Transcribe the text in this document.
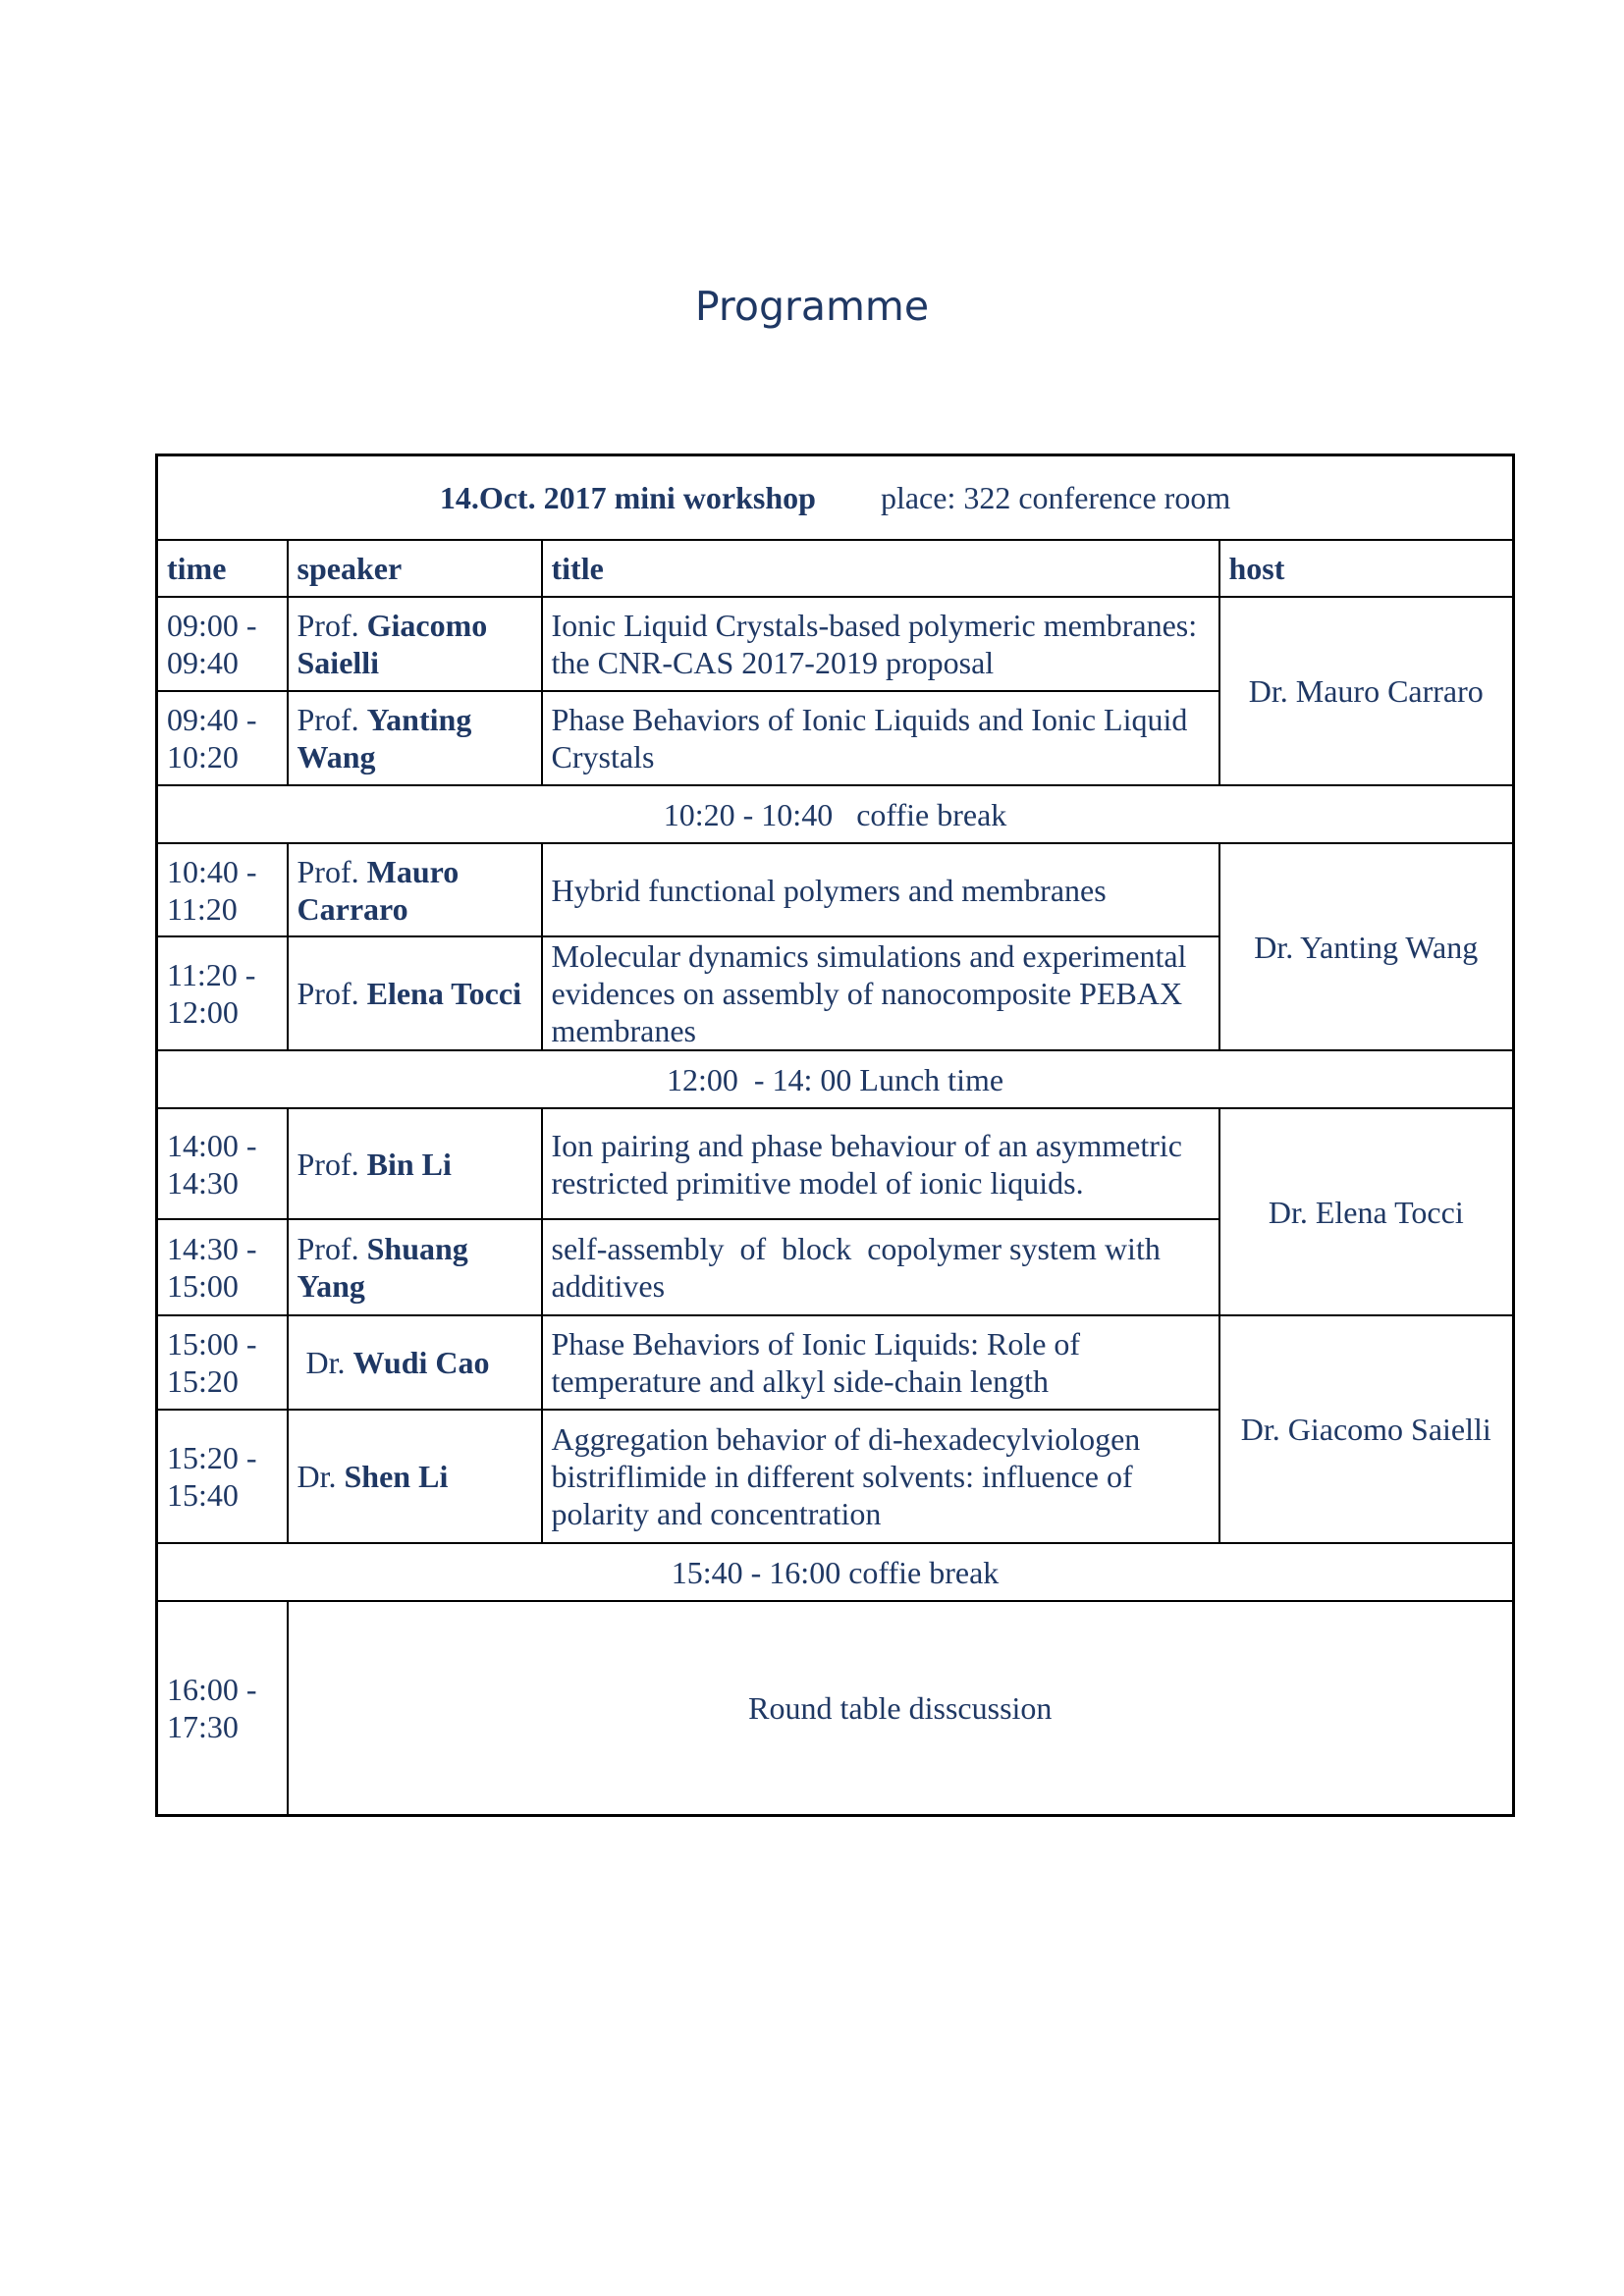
Programme
14.Oct. 2017 mini workshop place: 322 conference room			
time	speaker	title	host
09:00 - 09:40	Prof. Giacomo Saielli	Ionic Liquid Crystals-based polymeric membranes: the CNR-CAS 2017-2019 proposal	Dr. Mauro Carraro
09:40 - 10:20	Prof. Yanting Wang	Phase Behaviors of Ionic Liquids and Ionic Liquid Crystals	
10:20 - 10:40   coffie break			
10:40 - 11:20	Prof. Mauro Carraro	Hybrid functional polymers and membranes	Dr. Yanting Wang
11:20 - 12:00	Prof. Elena Tocci	Molecular dynamics simulations and experimental evidences on assembly of nanocomposite PEBAX membranes	
12:00  - 14: 00 Lunch time			
14:00 - 14:30	Prof. Bin Li	Ion pairing and phase behaviour of an asymmetric restricted primitive model of ionic liquids.	Dr. Elena Tocci
14:30 - 15:00	Prof. Shuang Yang	self-assembly  of  block  copolymer system with additives	
15:00 - 15:20	Dr. Wudi Cao	Phase Behaviors of Ionic Liquids: Role of temperature and alkyl side-chain length	Dr. Giacomo Saielli
15:20 - 15:40	Dr. Shen Li	Aggregation behavior of di-hexadecylviologen bistriflimide in different solvents: influence of polarity and concentration	
15:40 - 16:00 coffie break			
16:00 - 17:30	Round table disscussion		
